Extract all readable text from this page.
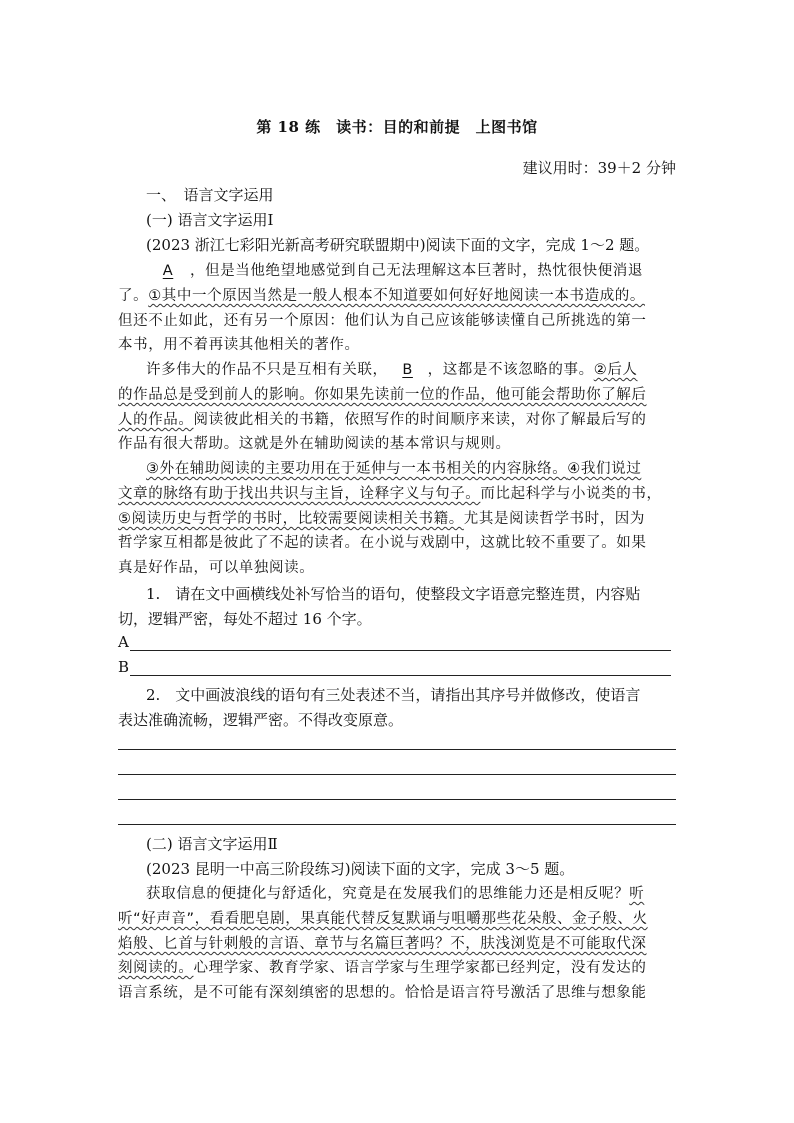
第 18 练　读书：目的和前提　上图书馆
建议用时：39＋2 分钟
一、　语言文字运用
(一) 语言文字运用Ⅰ
(2023 浙江七彩阳光新高考研究联盟期中)阅读下面的文字，完成 1～2 题。
A ，但是当他绝望地感觉到自己无法理解这本巨著时，热忱很快便消退
了。①其中一个原因当然是一般人根本不知道要如何好好地阅读一本书造成的。
但还不止如此，还有另一个原因：他们认为自己应该能够读懂自己所挑选的第一
本书，用不着再读其他相关的著作。
许多伟大的作品不只是互相有关联， B ，这都是不该忽略的事。②后人
的作品总是受到前人的影响。你如果先读前一位的作品，他可能会帮助你了解后
人的作品。阅读彼此相关的书籍，依照写作的时间顺序来读，对你了解最后写的
作品有很大帮助。这就是外在辅助阅读的基本常识与规则。
③外在辅助阅读的主要功用在于延伸与一本书相关的内容脉络。④我们说过
文章的脉络有助于找出共识与主旨，诠释字义与句子。而比起科学与小说类的书，
⑤阅读历史与哲学的书时，比较需要阅读相关书籍。尤其是阅读哲学书时，因为
哲学家互相都是彼此了不起的读者。在小说与戏剧中，这就比较不重要了。如果
真是好作品，可以单独阅读。
1.　请在文中画横线处补写恰当的语句，使整段文字语意完整连贯，内容贴
切，逻辑严密，每处不超过 16 个字。
A
B
2.　文中画波浪线的语句有三处表述不当，请指出其序号并做修改，使语言
表达准确流畅，逻辑严密。不得改变原意。
(二) 语言文字运用Ⅱ
(2023 昆明一中高三阶段练习)阅读下面的文字，完成 3～5 题。
获取信息的便捷化与舒适化，究竟是在发展我们的思维能力还是相反呢？听
听“好声音”，看看肥皂剧，果真能代替反复默诵与咀嚼那些花朵般、金子般、火
焰般、匕首与针刺般的言语、章节与名篇巨著吗？不，肤浅浏览是不可能取代深
刻阅读的。心理学家、教育学家、语言学家与生理学家都已经判定，没有发达的
语言系统，是不可能有深刻缜密的思想的。恰恰是语言符号激活了思维与想象能
